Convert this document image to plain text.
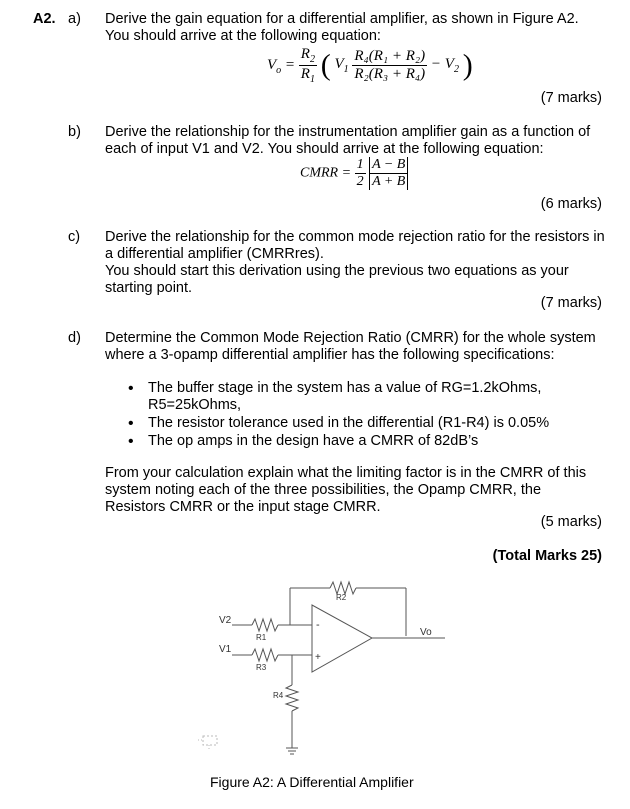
A2. a) Derive the gain equation for a differential amplifier, as shown in Figure A2.
You should arrive at the following equation:
$V_o = \frac{R_2}{R_1}$ ( $V_1 \frac{\text{R₄(R₁ + R₂)}}{\text{R₂(R₃ + R₄)}} - V_2$ )
(7 marks)
b) Derive the relationship for the instrumentation amplifier gain as a function of
each of input V1 and V2. You should arrive at the following equation:
CMRR = $\frac{1}{2}$
$\frac{A - B}{A + B}$
(6 marks)
c) Derive the relationship for the common mode rejection ratio for the resistors in
a differential amplifier (CMRRres).
You should start this derivation using the previous two equations as your
starting point.
(7 marks)
d) Determine the Common Mode Rejection Ratio (CMRR) for the whole system
where a 3-opamp differential amplifier has the following specifications:
• The buffer stage in the system has a value of RG=1.2kOhms,
R5=25kOhms,
• The resistor tolerance used in the differential (R1-R4) is 0.05%
• The op amps in the design have a CMRR of 82dB’s
From your calculation explain what the limiting factor is in the CMRR of this
system noting each of the three possibilities, the Opamp CMRR, the
Resistors CMRR or the input stage CMRR.
(5 marks)
(Total Marks 25)
V2
V1
R1
R2
R3
R4
Vo
-
+
Figure A2: A Differential Amplifier
